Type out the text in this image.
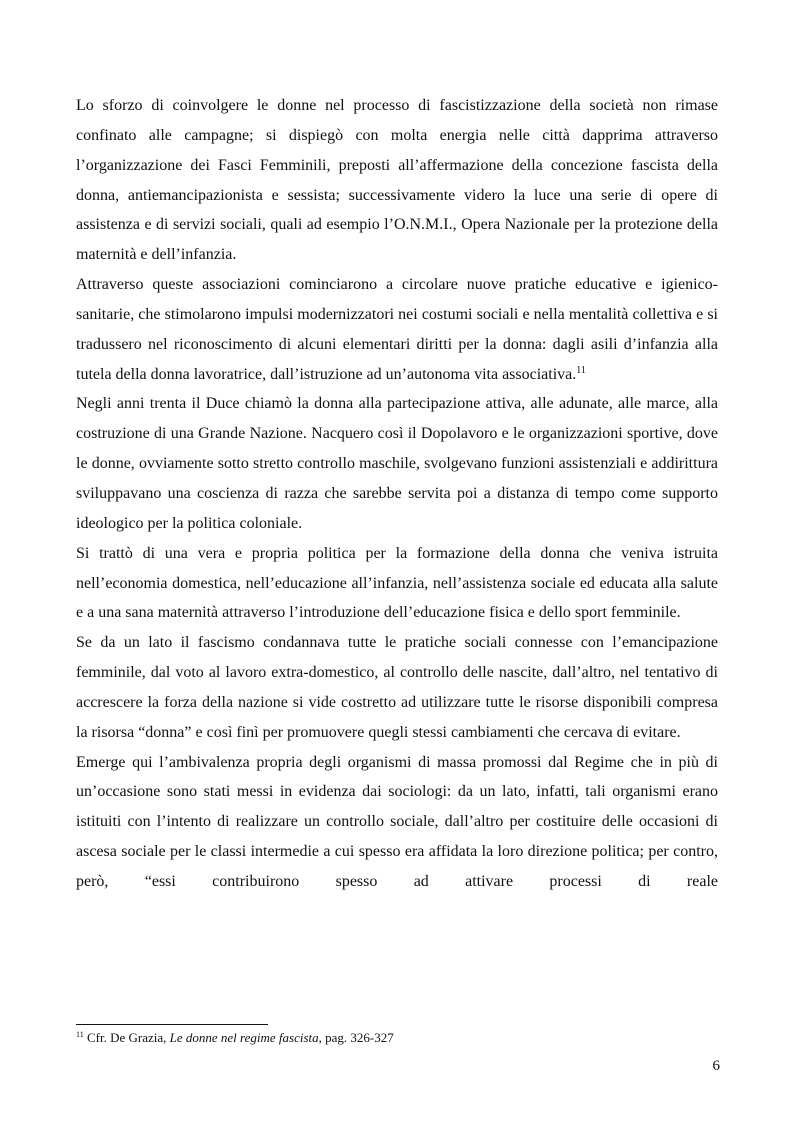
Lo sforzo di coinvolgere le donne nel processo di fascistizzazione della società non rimase confinato alle campagne; si dispiegò con molta energia nelle città dapprima attraverso l’organizzazione dei Fasci Femminili, preposti all’affermazione della concezione fascista della donna, antiemancipazionista e sessista; successivamente videro la luce una serie di opere di assistenza e di servizi sociali, quali ad esempio l’O.N.M.I., Opera Nazionale per la protezione della maternità e dell’infanzia.

Attraverso queste associazioni cominciarono a circolare nuove pratiche educative e igienico-sanitarie, che stimolarono impulsi modernizzatori nei costumi sociali e nella mentalità collettiva e si tradussero nel riconoscimento di alcuni elementari diritti per la donna: dagli asili d’infanzia alla tutela della donna lavoratrice, dall’istruzione ad un’autonoma vita associativa.$^{11}$

Negli anni trenta il Duce chiamò la donna alla partecipazione attiva, alle adunate, alle marce, alla costruzione di una Grande Nazione. Nacquero così il Dopolavoro e le organizzazioni sportive, dove le donne, ovviamente sotto stretto controllo maschile, svolgevano funzioni assistenziali e addirittura sviluppavano una coscienza di razza che sarebbe servita poi a distanza di tempo come supporto ideologico per la politica coloniale.

Si trattò di una vera e propria politica per la formazione della donna che veniva istruita nell’economia domestica, nell’educazione all’infanzia, nell’assistenza sociale ed educata alla salute e a una sana maternità attraverso l’introduzione dell’educazione fisica e dello sport femminile.

Se da un lato il fascismo condannava tutte le pratiche sociali connesse con l’emancipazione femminile, dal voto al lavoro extra-domestico, al controllo delle nascite, dall’altro, nel tentativo di accrescere la forza della nazione si vide costretto ad utilizzare tutte le risorse disponibili compresa la risorsa “donna” e così finì per promuovere quegli stessi cambiamenti che cercava di evitare.

Emerge qui l’ambivalenza propria degli organismi di massa promossi dal Regime che in più di un’occasione sono stati messi in evidenza dai sociologi: da un lato, infatti, tali organismi erano istituiti con l’intento di realizzare un controllo sociale, dall’altro per costituire delle occasioni di ascesa sociale per le classi intermedie a cui spesso era affidata la loro direzione politica; per contro, però, “essi contribuirono spesso ad attivare processi di reale

$^{11}$ Cfr. De Grazia, Le donne nel regime fascista, pag. 326-327
6
